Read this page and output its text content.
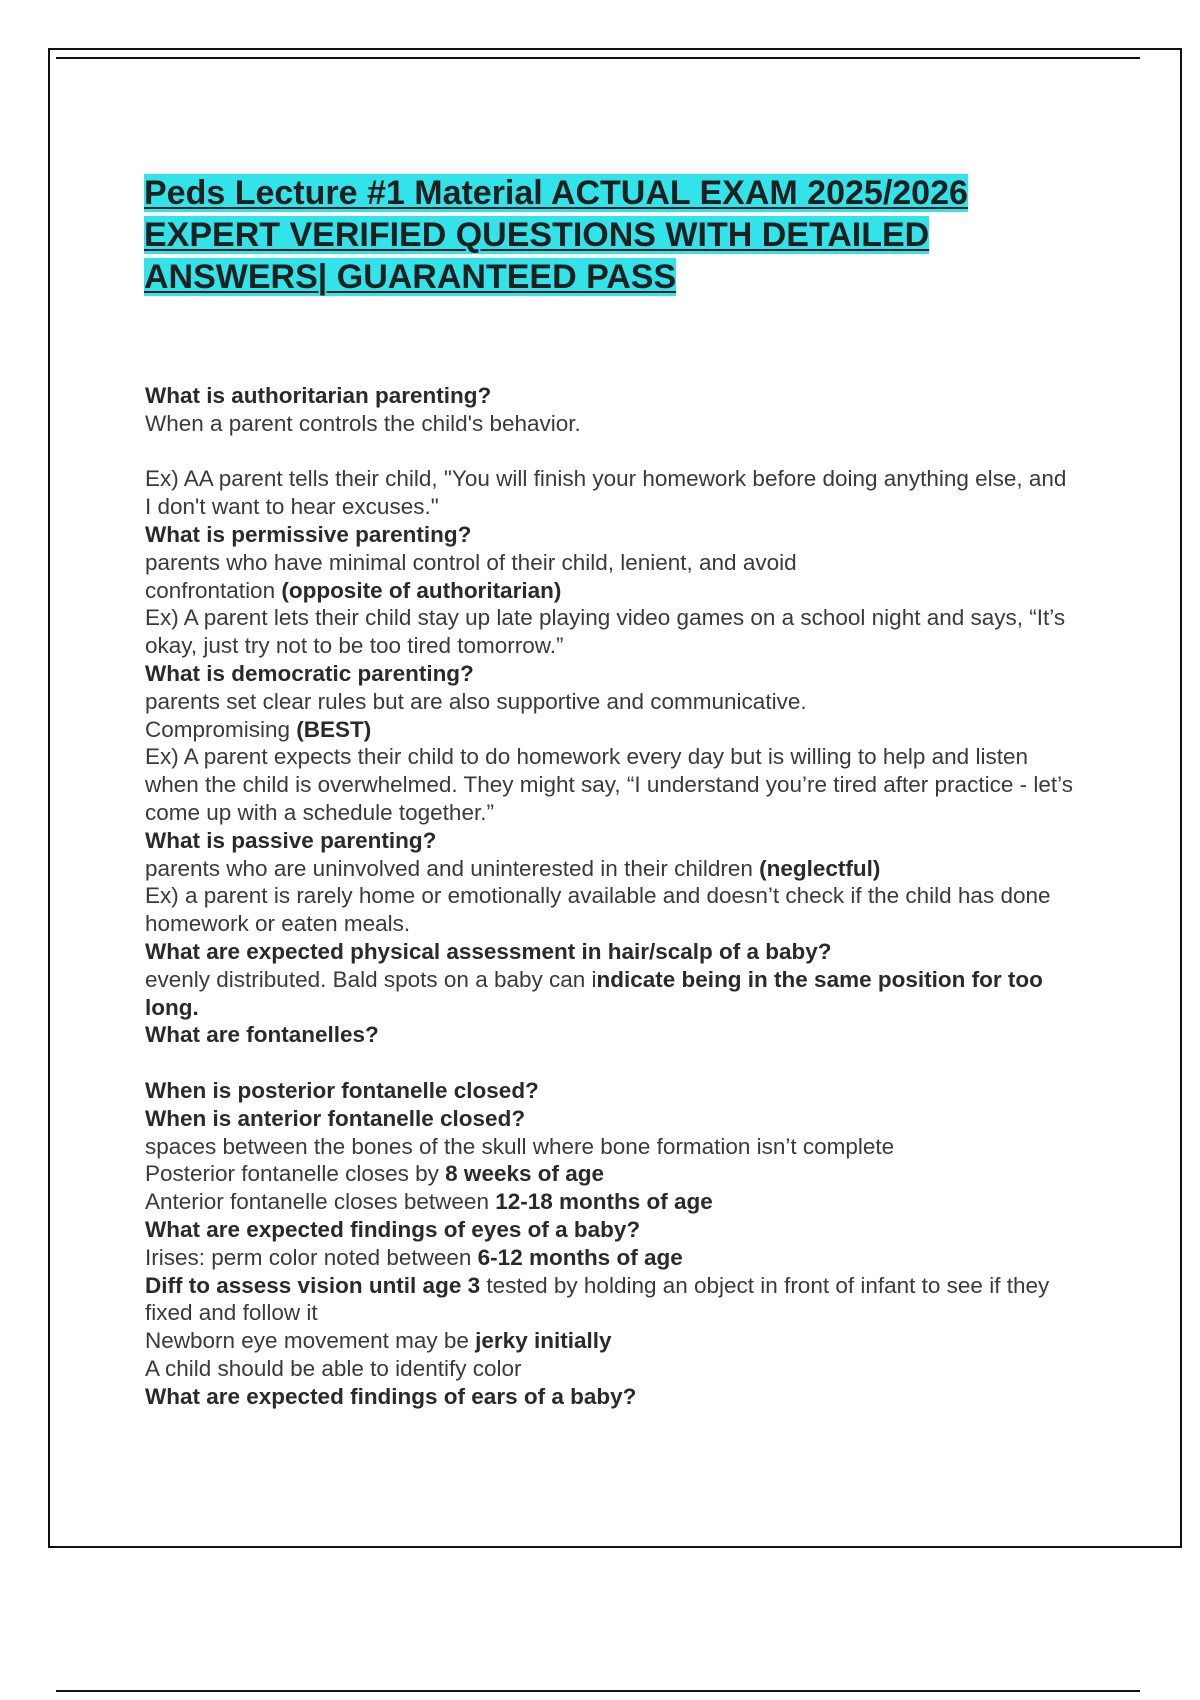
Peds Lecture #1 Material ACTUAL EXAM 2025/2026 EXPERT VERIFIED QUESTIONS WITH DETAILED ANSWERS| GUARANTEED PASS

What is authoritarian parenting?

When a parent controls the child's behavior.

Ex) AA parent tells their child, "You will finish your homework before doing anything else, and I don't want to hear excuses."

What is permissive parenting?

parents who have minimal control of their child, lenient, and avoid

confrontation (opposite of authoritarian)

Ex) A parent lets their child stay up late playing video games on a school night and says, “It’s okay, just try not to be too tired tomorrow.”

What is democratic parenting?

parents set clear rules but are also supportive and communicative.

Compromising (BEST)

Ex) A parent expects their child to do homework every day but is willing to help and listen when the child is overwhelmed. They might say, “I understand you’re tired after practice - let’s come up with a schedule together.”

What is passive parenting?

parents who are uninvolved and uninterested in their children (neglectful)

Ex) a parent is rarely home or emotionally available and doesn’t check if the child has done homework or eaten meals.

What are expected physical assessment in hair/scalp of a baby?

evenly distributed. Bald spots on a baby can indicate being in the same position for too long.

What are fontanelles?

When is posterior fontanelle closed?

When is anterior fontanelle closed?

spaces between the bones of the skull where bone formation isn’t complete

Posterior fontanelle closes by 8 weeks of age

Anterior fontanelle closes between 12-18 months of age

What are expected findings of eyes of a baby?

Irises: perm color noted between 6-12 months of age

Diff to assess vision until age 3 tested by holding an object in front of infant to see if they fixed and follow it

Newborn eye movement may be jerky initially

A child should be able to identify color

What are expected findings of ears of a baby?
